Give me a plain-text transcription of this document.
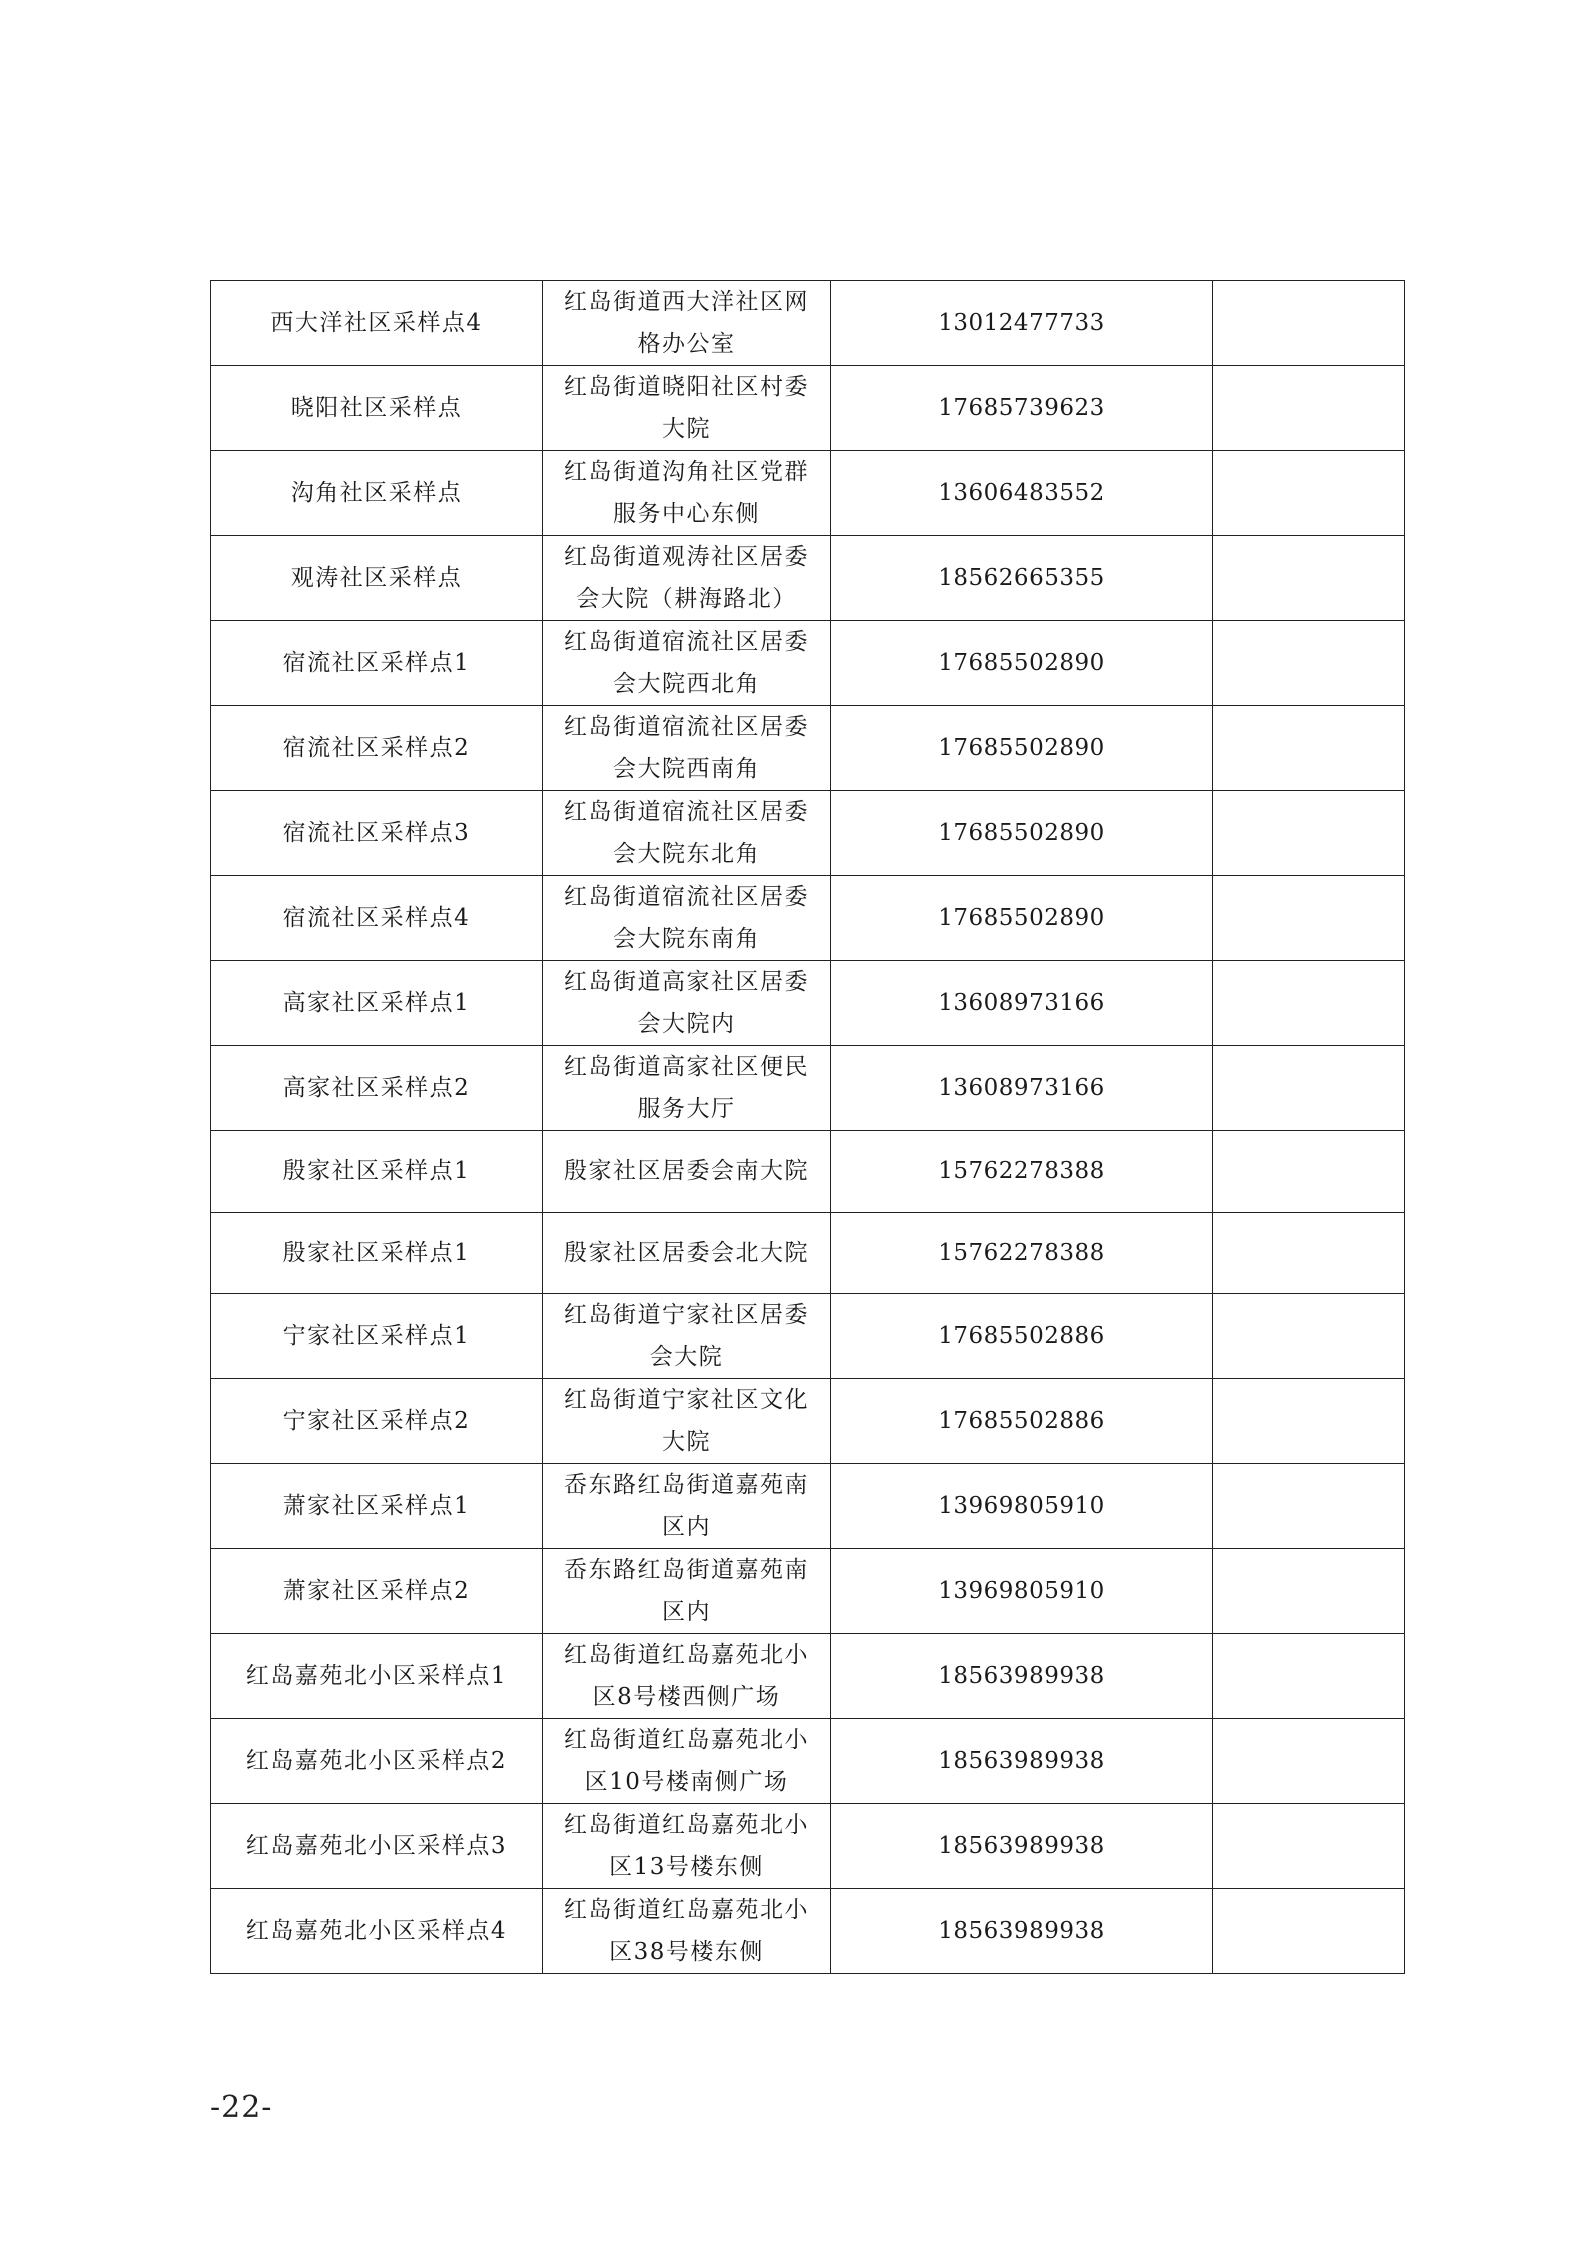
西大洋社区采样点4	红岛街道西大洋社区网格办公室	13012477733	
晓阳社区采样点	红岛街道晓阳社区村委大院	17685739623	
沟角社区采样点	红岛街道沟角社区党群服务中心东侧	13606483552	
观涛社区采样点	红岛街道观涛社区居委会大院（耕海路北）	18562665355	
宿流社区采样点1	红岛街道宿流社区居委会大院西北角	17685502890	
宿流社区采样点2	红岛街道宿流社区居委会大院西南角	17685502890	
宿流社区采样点3	红岛街道宿流社区居委会大院东北角	17685502890	
宿流社区采样点4	红岛街道宿流社区居委会大院东南角	17685502890	
高家社区采样点1	红岛街道高家社区居委会大院内	13608973166	
高家社区采样点2	红岛街道高家社区便民服务大厅	13608973166	
殷家社区采样点1	殷家社区居委会南大院	15762278388	
殷家社区采样点1	殷家社区居委会北大院	15762278388	
宁家社区采样点1	红岛街道宁家社区居委会大院	17685502886	
宁家社区采样点2	红岛街道宁家社区文化大院	17685502886	
萧家社区采样点1	岙东路红岛街道嘉苑南区内	13969805910	
萧家社区采样点2	岙东路红岛街道嘉苑南区内	13969805910	
红岛嘉苑北小区采样点1	红岛街道红岛嘉苑北小区8号楼西侧广场	18563989938	
红岛嘉苑北小区采样点2	红岛街道红岛嘉苑北小区10号楼南侧广场	18563989938	
红岛嘉苑北小区采样点3	红岛街道红岛嘉苑北小区13号楼东侧	18563989938	
红岛嘉苑北小区采样点4	红岛街道红岛嘉苑北小区38号楼东侧	18563989938	
-22-
